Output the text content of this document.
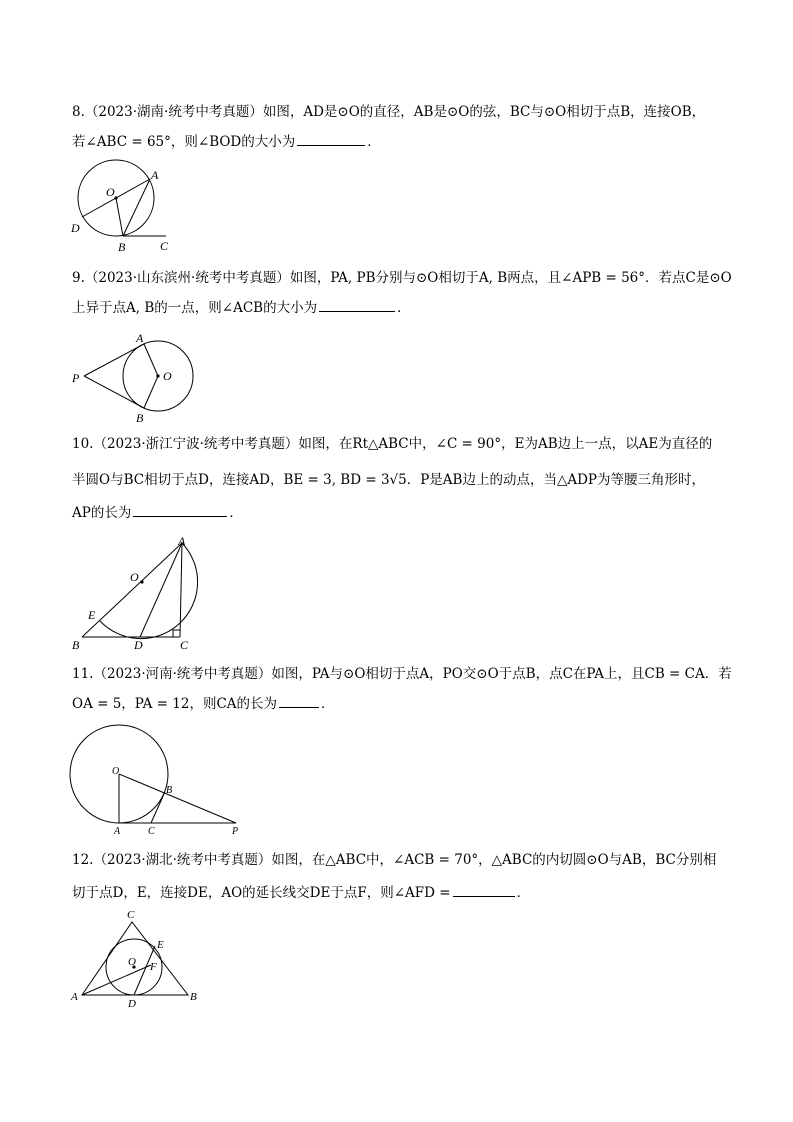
8.（2023·湖南·统考中考真题）如图，AD是⊙O的直径，AB是⊙O的弦，BC与⊙O相切于点B，连接OB，
若∠ABC = 65°，则∠BOD的大小为	．
A
O
D
B	C
9.（2023·山东滨州·统考中考真题）如图，PA, PB分别与⊙O相切于A, B两点，且∠APB = 56°．若点C是⊙O
上异于点A, B的一点，则∠ACB的大小为	．
A
P	O
B
10.（2023·浙江宁波·统考中考真题）如图，在Rt△ABC中，∠C = 90°，E为AB边上一点，以AE为直径的
半圆O与BC相切于点D，连接AD，BE = 3, BD = 3√5．P是AB边上的动点，当△ADP为等腰三角形时，
AP的长为	．
A
O
E
B	D	C
11.（2023·河南·统考中考真题）如图，PA与⊙O相切于点A，PO交⊙O于点B，点C在PA上，且CB = CA．若
OA = 5，PA = 12，则CA的长为	．
O
B
A	C	P
12.（2023·湖北·统考中考真题）如图，在△ABC中，∠ACB = 70°，△ABC的内切圆⊙O与AB，BC分别相
切于点D，E，连接DE，AO的延长线交DE于点F，则∠AFD =	．
C
E
O F
A
D
B
